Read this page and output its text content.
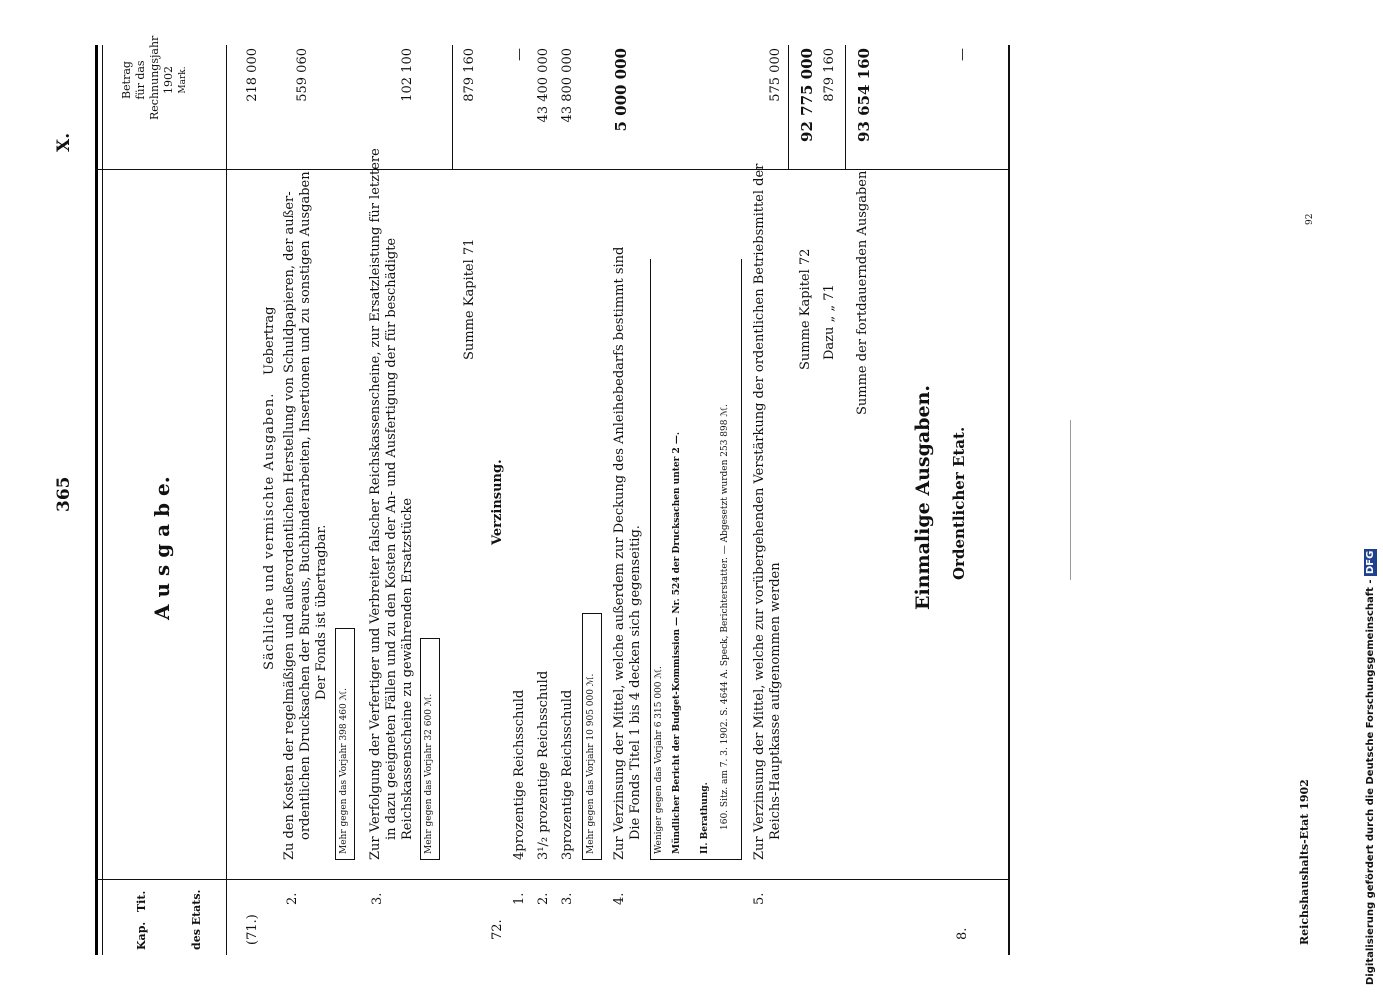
365
X.
Kap.
Tit.	des Etats.
A u s g a b e.
Betrag für das Rechnungsjahr 1902 Mark.
(71.)
Sächliche und vermischte Ausgaben.
Uebertrag
218 000
2.
Zu den Kosten der regelmäßigen und außerordentlichen Herstellung von Schuldpapieren, der außer- ordentlichen Drucksachen der Bureaus, Buchbinderarbeiten, Insertionen und zu sonstigen Ausgaben Der Fonds ist übertragbar.
559 060
Mehr gegen das Vorjahr 398 460 ℳ.
3.
Zur Verfolgung der Verfertiger und Verbreiter falscher Reichskassenscheine, zur Ersatzleistung für letztere in dazu geeigneten Fällen und zu den Kosten der An- und Ausfertigung der für beschädigte Reichskassenscheine zu gewährenden Ersatzstücke
102 100
Mehr gegen das Vorjahr 32 600 ℳ.
Summe Kapitel 71
879 160
72.
Verzinsung.
1.
4prozentige Reichsschuld
—
2.
3¹/₂ prozentige Reichsschuld
43 400 000
3.
3prozentige Reichsschuld
43 800 000
Mehr gegen das Vorjahr 10 905 000 ℳ.
4.
Zur Verzinsung der Mittel, welche außerdem zur Deckung des Anleihebedarfs bestimmt sind Die Fonds Titel 1 bis 4 decken sich gegenseitig.
5 000 000
Weniger gegen das Vorjahr 6 315 000 ℳ. Mündlicher Bericht der Budget-Kommission — Nr. 524 der Drucksachen unter 2 —. II. Berathung. 160. Sitz. am 7. 3. 1902. S. 4644 A. Speck, Berichterstatter. — Abgesetzt wurden 253 898 ℳ.
5.
Zur Verzinsung der Mittel, welche zur vorübergehenden Verstärkung der ordentlichen Betriebsmittel der Reichs-Hauptkasse aufgenommen werden
575 000
Summe Kapitel 72
92 775 000
Dazu „ „ 71
879 160
Summe der fortdauernden Ausgaben
93 654 160
Einmalige Ausgaben. Ordentlicher Etat.
8.
—
Reichshaushalts-Etat 1902
92
Digitalisierung gefördert durch die Deutsche Forschungsgemeinschaft - DFG
